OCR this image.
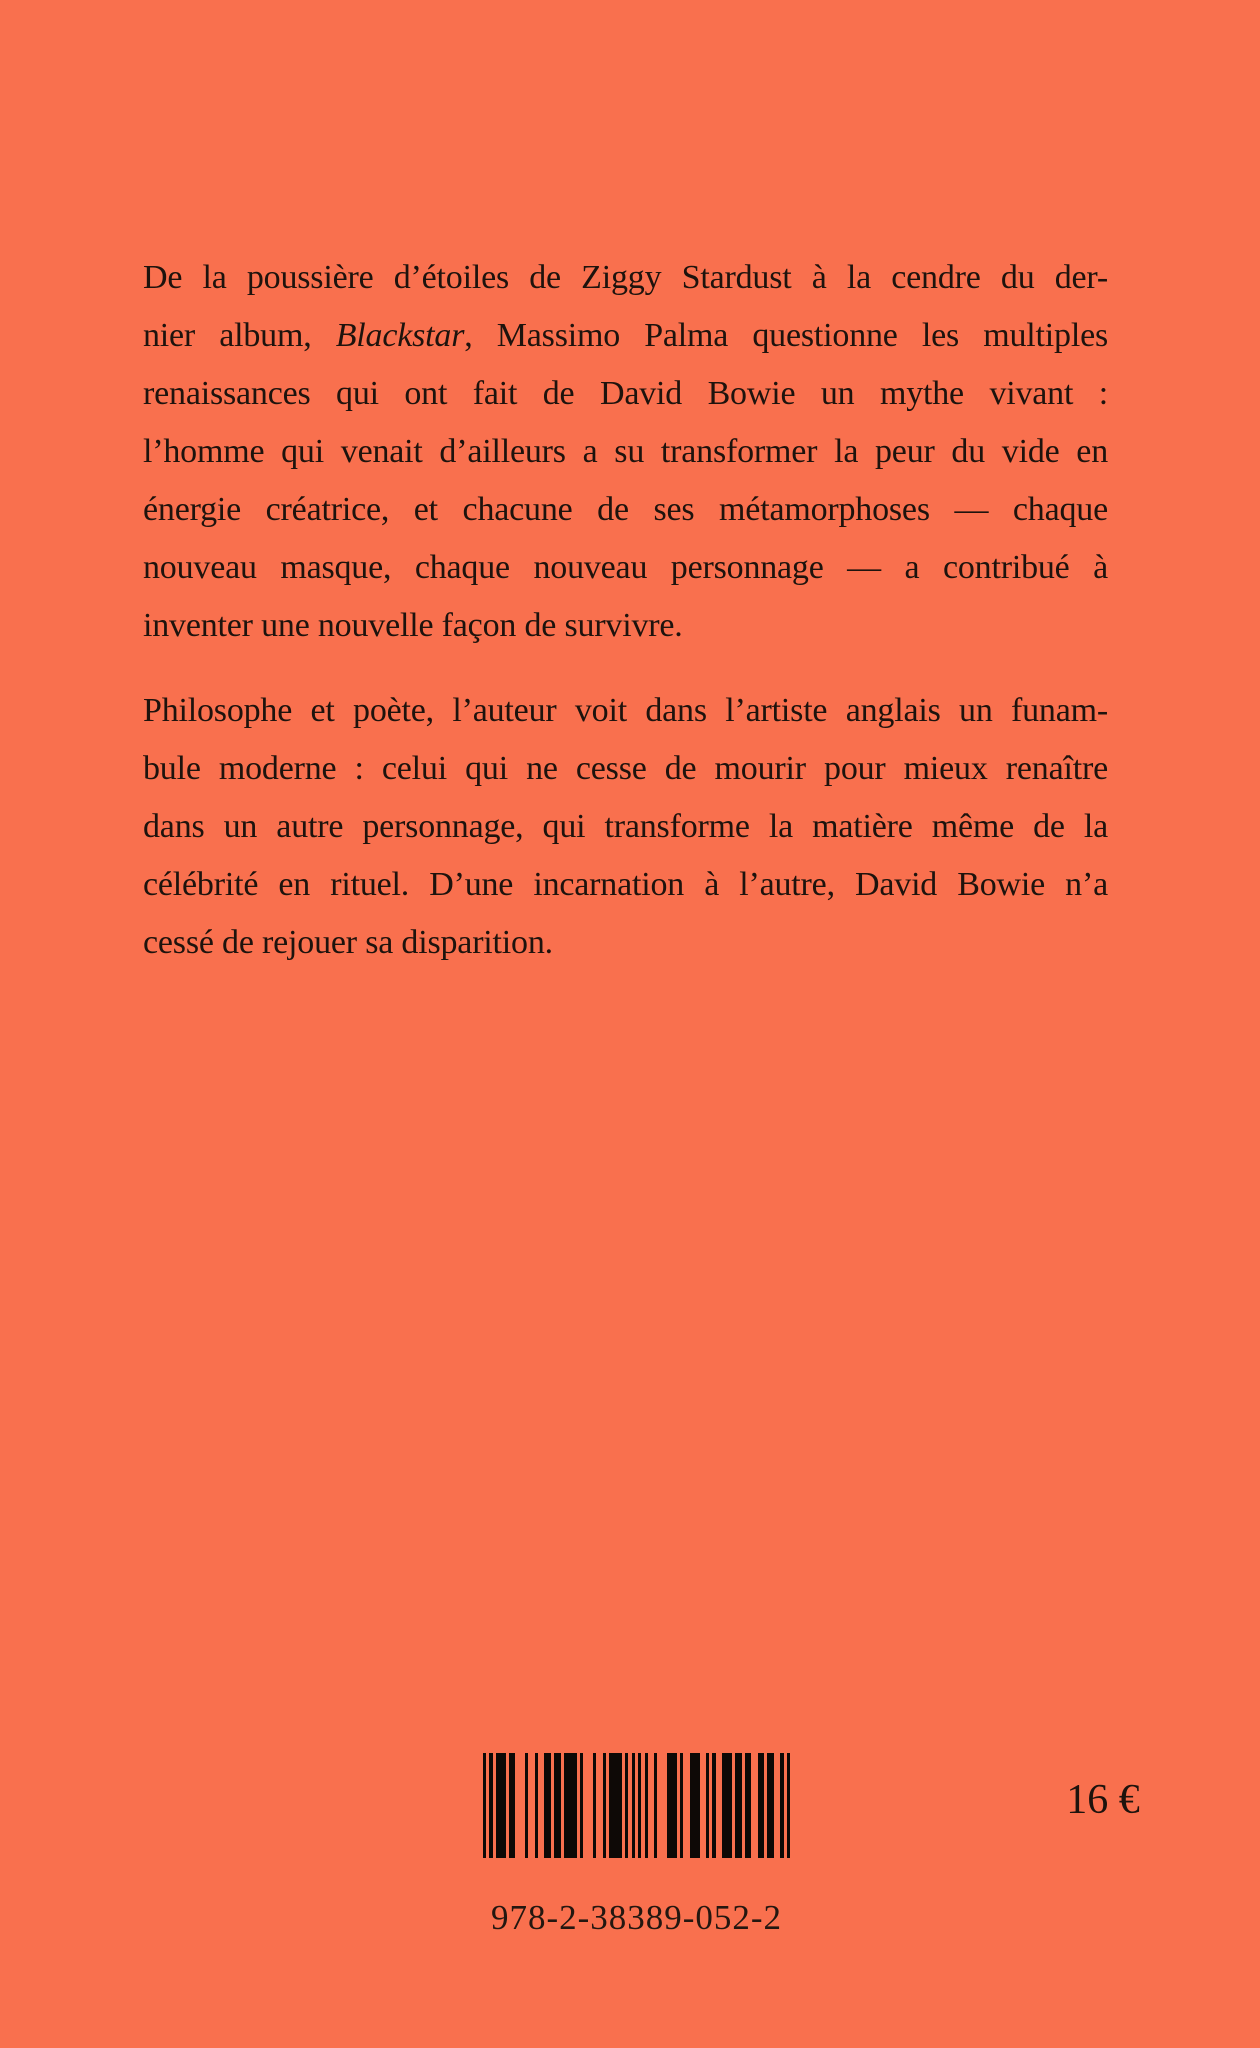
De la poussière d’étoiles de Ziggy Stardust à la cendre du der-
nier album, Blackstar, Massimo Palma questionne les multiples
renaissances qui ont fait de David Bowie un mythe vivant :
l’homme qui venait d’ailleurs a su transformer la peur du vide en
énergie créatrice, et chacune de ses métamorphoses — chaque
nouveau masque, chaque nouveau personnage — a contribué à
inventer une nouvelle façon de survivre.
Philosophe et poète, l’auteur voit dans l’artiste anglais un funam-
bule moderne : celui qui ne cesse de mourir pour mieux renaître
dans un autre personnage, qui transforme la matière même de la
célébrité en rituel. D’une incarnation à l’autre, David Bowie n’a
cessé de rejouer sa disparition.
978-2-38389-052-2
16 €
